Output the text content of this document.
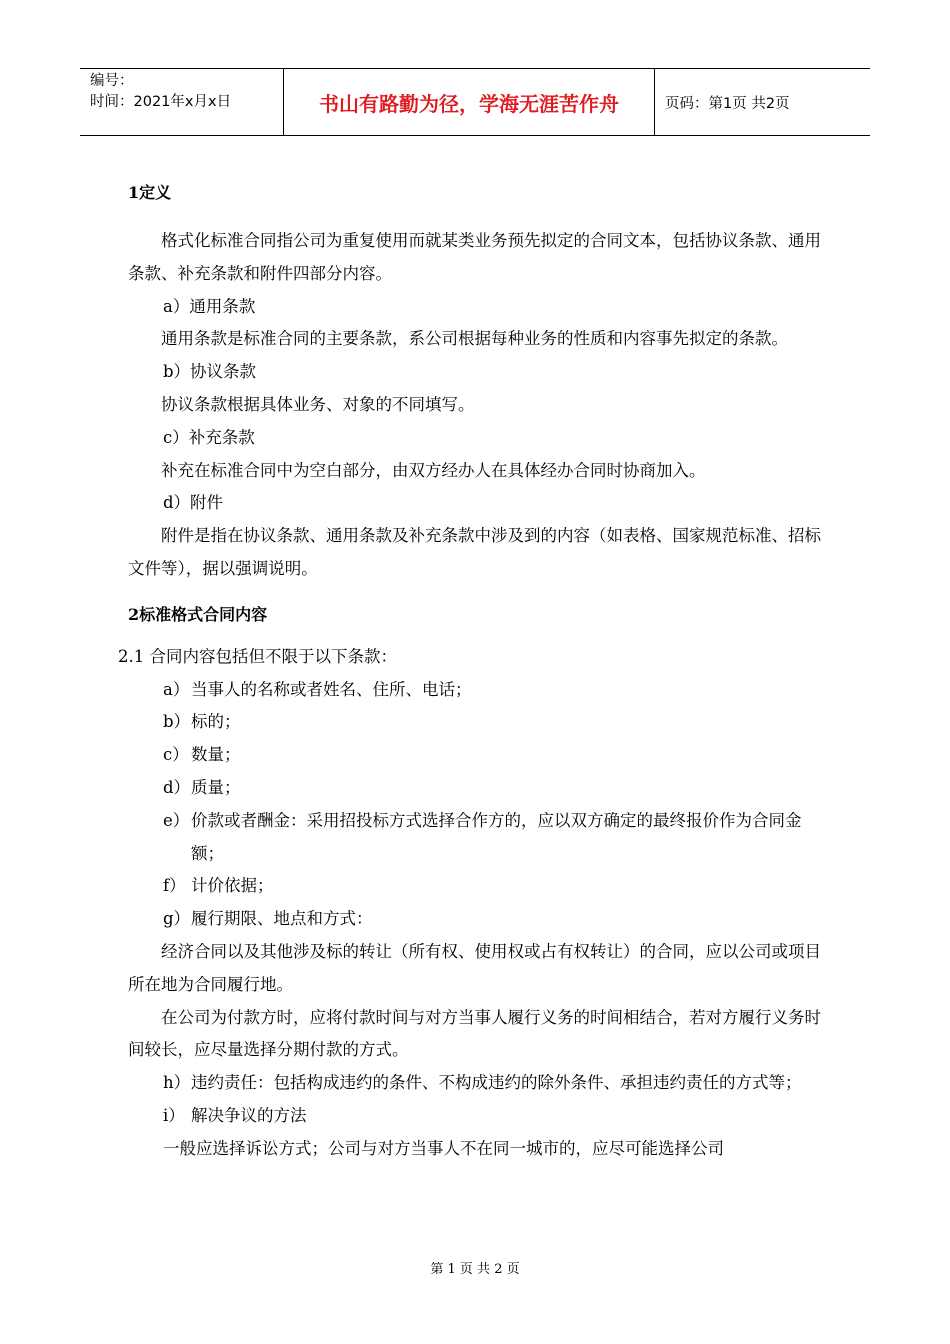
编号：
时间：2021年x月x日	书山有路勤为径，学海无涯苦作舟	页码：第1页 共2页
1定义
格式化标准合同指公司为重复使用而就某类业务预先拟定的合同文本，包括协议条款、通用条款、补充条款和附件四部分内容。
a）通用条款
通用条款是标准合同的主要条款，系公司根据每种业务的性质和内容事先拟定的条款。
b）协议条款
协议条款根据具体业务、对象的不同填写。
c）补充条款
补充在标准合同中为空白部分，由双方经办人在具体经办合同时协商加入。
d）附件
附件是指在协议条款、通用条款及补充条款中涉及到的内容（如表格、国家规范标准、招标文件等），据以强调说明。
2标准格式合同内容
2.1 合同内容包括但不限于以下条款：
a） 当事人的名称或者姓名、住所、电话；
b） 标的；
c） 数量；
d） 质量；
e） 价款或者酬金：采用招投标方式选择合作方的，应以双方确定的最终报价作为合同金额；
f） 计价依据；
g） 履行期限、地点和方式：
经济合同以及其他涉及标的转让（所有权、使用权或占有权转让）的合同，应以公司或项目所在地为合同履行地。
在公司为付款方时，应将付款时间与对方当事人履行义务的时间相结合，若对方履行义务时间较长，应尽量选择分期付款的方式。
h） 违约责任：包括构成违约的条件、不构成违约的除外条件、承担违约责任的方式等；
i） 解决争议的方法
一般应选择诉讼方式；公司与对方当事人不在同一城市的，应尽可能选择公司
第 1 页 共 2 页
